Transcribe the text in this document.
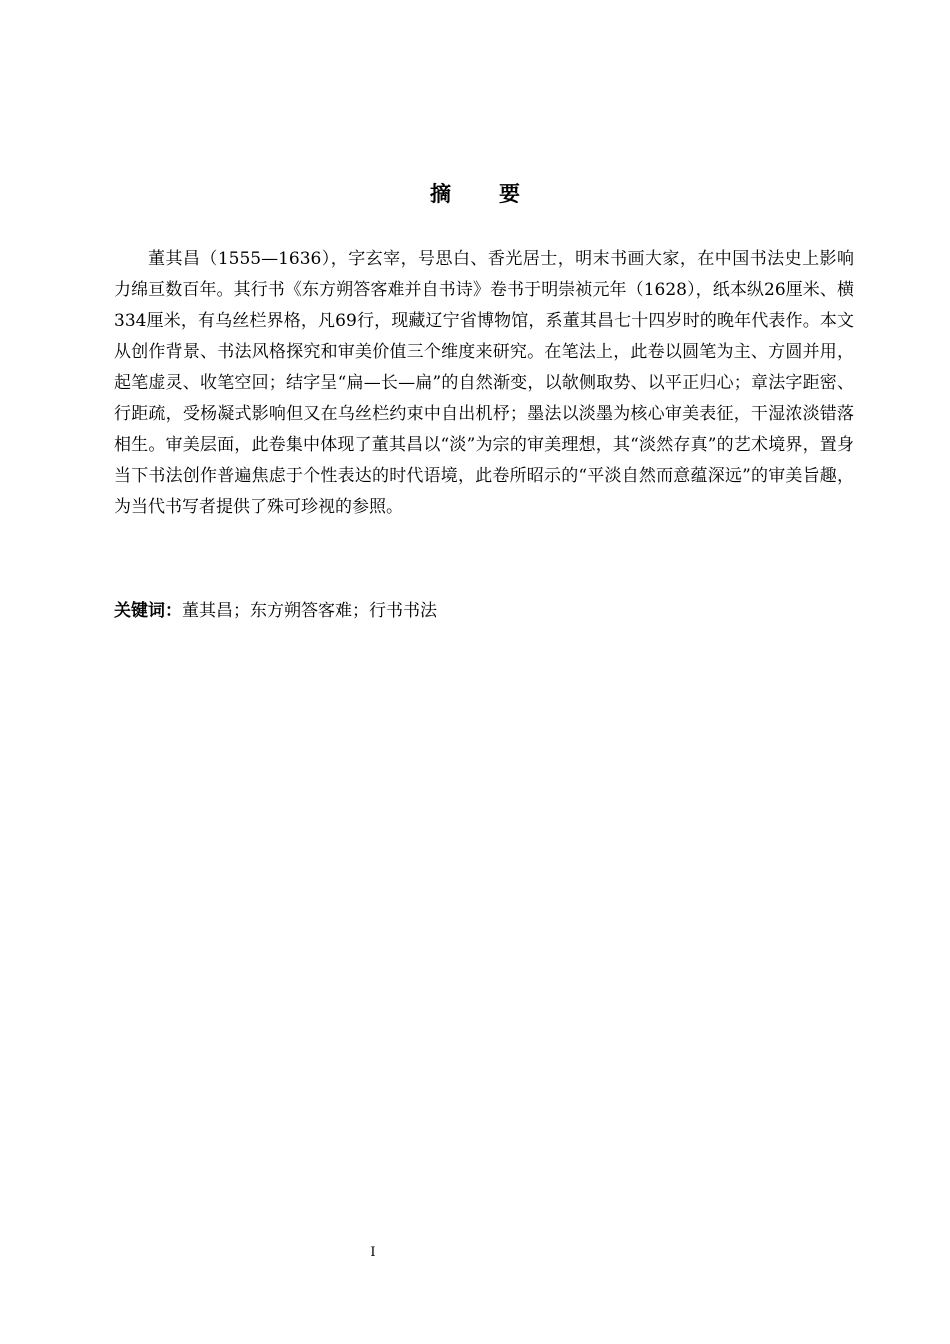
摘 要

董其昌（1555—1636），字玄宰，号思白、香光居士，明末书画大家，在中国书法史上影响力绵亘数百年。其行书《东方朔答客难并自书诗》卷书于明崇祯元年（1628），纸本纵26厘米、横334厘米，有乌丝栏界格，凡69行，现藏辽宁省博物馆，系董其昌七十四岁时的晚年代表作。本文从创作背景、书法风格探究和审美价值三个维度来研究。在笔法上，此卷以圆笔为主、方圆并用，起笔虚灵、收笔空回；结字呈“扁—长—扁”的自然渐变，以欹侧取势、以平正归心；章法字距密、行距疏，受杨凝式影响但又在乌丝栏约束中自出机杼；墨法以淡墨为核心审美表征，干湿浓淡错落相生。审美层面，此卷集中体现了董其昌以“淡”为宗的审美理想，其“淡然存真”的艺术境界，置身当下书法创作普遍焦虑于个性表达的时代语境，此卷所昭示的“平淡自然而意蕴深远”的审美旨趣，为当代书写者提供了殊可珍视的参照。

关键词：董其昌；东方朔答客难；行书书法

I
